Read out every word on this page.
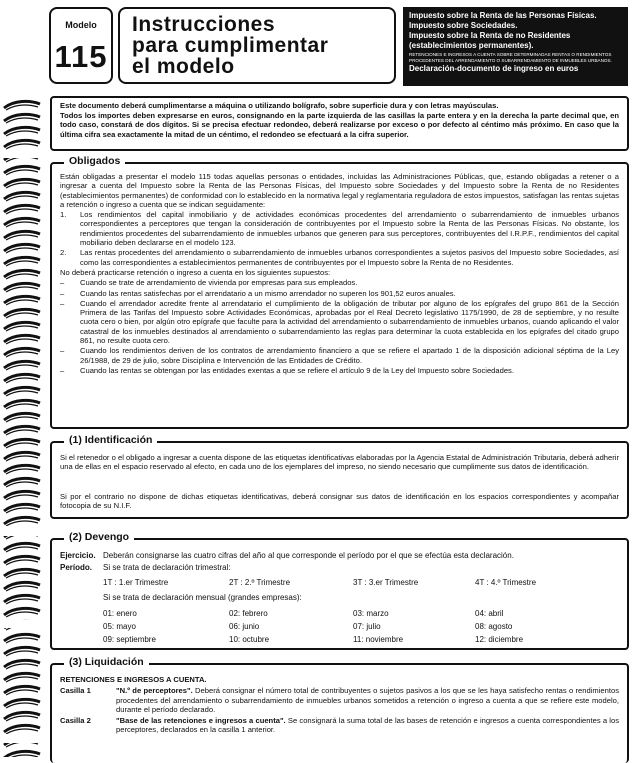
Modelo
115
Instrucciones
para cumplimentar
el modelo
Impuesto sobre la Renta de las Personas Físicas.
Impuesto sobre Sociedades.
Impuesto sobre la Renta de no Residentes (establecimientos permanentes).
RETENCIONES E INGRESOS A CUENTA SOBRE DETERMINADAS RENTAS O RENDIMIENTOS PROCEDENTES DEL ARRENDAMIENTO O SUBARRENDAMIENTO DE INMUEBLES URBANOS.
Declaración-documento de ingreso en euros
Este documento deberá cumplimentarse a máquina o utilizando bolígrafo, sobre superficie dura y con letras mayúsculas.
Todos los importes deben expresarse en euros, consignando en la parte izquierda de las casillas la parte entera y en la derecha la parte decimal que, en todo caso, constará de dos dígitos. Si se precisa efectuar redondeo, deberá realizarse por exceso o por defecto al céntimo más próximo. En caso que la última cifra sea exactamente la mitad de un céntimo, el redondeo se efectuará a la cifra superior.
Están obligadas a presentar el modelo 115 todas aquellas personas o entidades, incluidas las Administraciones Públicas, que, estando obligadas a retener o a ingresar a cuenta del Impuesto sobre la Renta de las Personas Físicas, del Impuesto sobre Sociedades y del Impuesto sobre la Renta de no Residentes (establecimientos permanentes) de conformidad con lo establecido en la normativa legal y reglamentaria reguladora de estos impuestos, satisfagan las rentas sujetas a retención o ingreso a cuenta que se indican seguidamente:
1.	Los rendimientos del capital inmobiliario y de actividades económicas procedentes del arrendamiento o subarrendamiento de inmuebles urbanos correspondientes a perceptores que tengan la consideración de contribuyentes por el Impuesto sobre la Renta de las Personas Físicas. No obstante, los rendimientos procedentes del subarrendamiento de inmuebles urbanos que generen para sus perceptores, contribuyentes del I.R.P.F., rendimientos del capital mobiliario deben declararse en el modelo 123.
2.	Las rentas procedentes del arrendamiento o subarrendamiento de inmuebles urbanos correspondientes a sujetos pasivos del Impuesto sobre Sociedades, así como las correspondientes a establecimientos permanentes de contribuyentes por el Impuesto sobre la Renta de no Residentes.
No deberá practicarse retención o ingreso a cuenta en los siguientes supuestos:
–	Cuando se trate de arrendamiento de vivienda por empresas para sus empleados.
–	Cuando las rentas satisfechas por el arrendatario a un mismo arrendador no superen los 901,52 euros anuales.
–	Cuando el arrendador acredite frente al arrendatario el cumplimiento de la obligación de tributar por alguno de los epígrafes del grupo 861 de la Sección Primera de las Tarifas del Impuesto sobre Actividades Económicas, aprobadas por el Real Decreto legislativo 1175/1990, de 28 de septiembre, y no resulte cuota cero o bien, por algún otro epígrafe que faculte para la actividad del arrendamiento o subarrendamiento de inmuebles urbanos, cuando aplicando el valor catastral de los inmuebles destinados al arrendamiento o subarrendamiento las reglas para determinar la cuota establecida en los epígrafes del citado grupo 861, no resulte cuota cero.
–	Cuando los rendimientos deriven de los contratos de arrendamiento financiero a que se refiere el apartado 1 de la disposición adicional séptima de la Ley 26/1988, de 29 de julio, sobre Disciplina e Intervención de las Entidades de Crédito.
–	Cuando las rentas se obtengan por las entidades exentas a que se refiere el artículo 9 de la Ley del Impuesto sobre Sociedades.
Obligados
Si el retenedor o el obligado a ingresar a cuenta dispone de las etiquetas identificativas elaboradas por la Agencia Estatal de Administración Tributaria, deberá adherir una de ellas en el espacio reservado al efecto, en cada uno de los ejemplares del impreso, no siendo necesario que cumplimente sus datos de identificación.
Si por el contrario no dispone de dichas etiquetas identificativas, deberá consignar sus datos de identificación en los espacios correspondientes y acompañar fotocopia de su N.I.F.
(1) Identificación
Ejercicio. Deberán consignarse las cuatro cifras del año al que corresponde el período por el que se efectúa esta declaración.
Período.	Si se trata de declaración trimestral:
1T : 1.er Trimestre	2T : 2.º Trimestre	3T : 3.er Trimestre	4T : 4.º Trimestre
Si se trata de declaración mensual (grandes empresas):
01: enero	02: febrero	03: marzo	04: abril
05: mayo	06: junio	07: julio	08: agosto
09: septiembre	10: octubre	11: noviembre	12: diciembre
(2) Devengo
RETENCIONES E INGRESOS A CUENTA.
Casilla 1	"N.º de perceptores". Deberá consignar el número total de contribuyentes o sujetos pasivos a los que se les haya satisfecho rentas o rendimientos procedentes del arrendamiento o subarrendamiento de inmuebles urbanos sometidos a retención o ingreso a cuenta a que se refiere este modelo, durante el período declarado.
Casilla 2	"Base de las retenciones e ingresos a cuenta". Se consignará la suma total de las bases de retención e ingresos a cuenta correspondientes a los perceptores, declarados en la casilla 1 anterior.
(3) Liquidación
